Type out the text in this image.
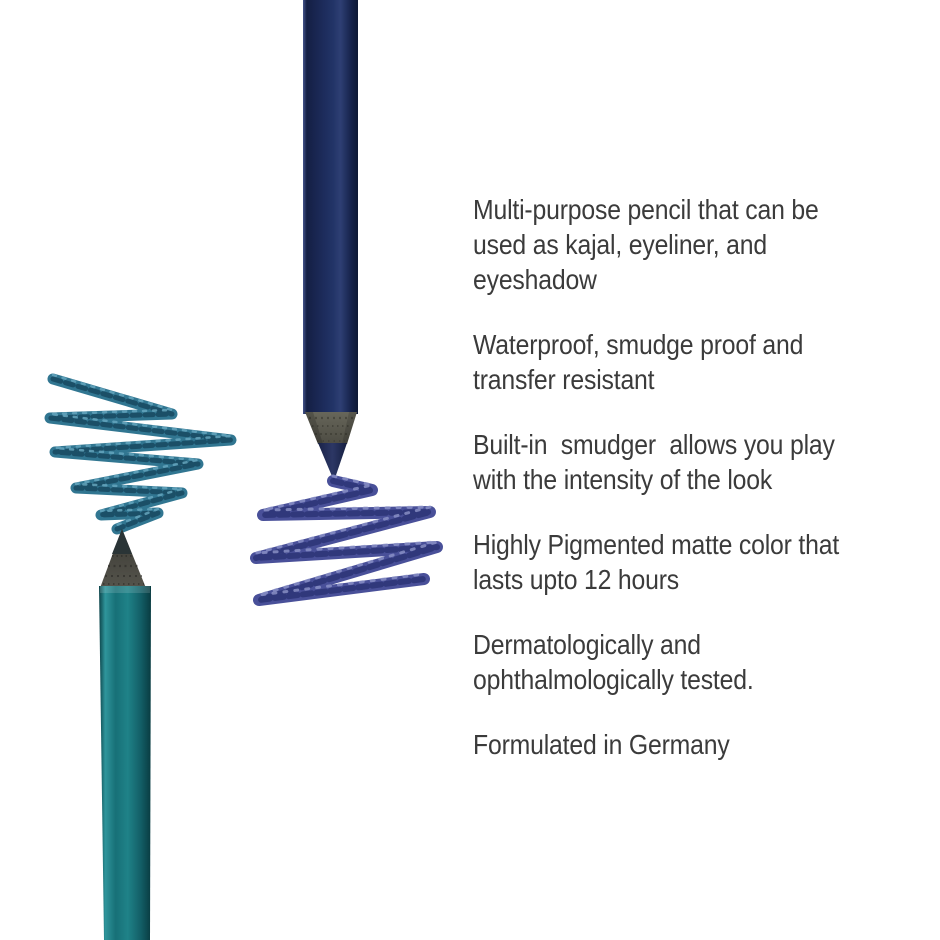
Multi-purpose pencil that can be
used as kajal, eyeliner, and
eyeshadow

Waterproof, smudge proof and
transfer resistant

Built-in  smudger  allows you play
with the intensity of the look

Highly Pigmented matte color that
lasts upto 12 hours

Dermatologically and
ophthalmologically tested.

Formulated in Germany
